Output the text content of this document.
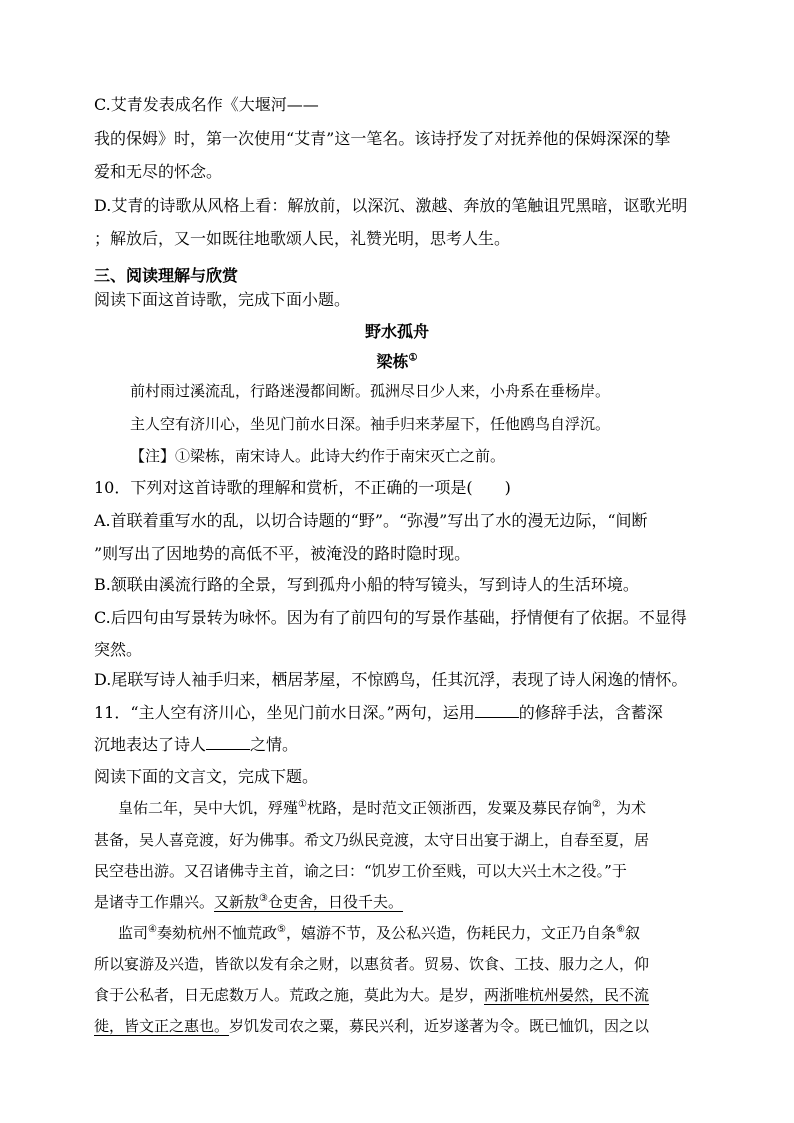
C.艾青发表成名作《大堰河——
我的保姆》时，第一次使用“艾青”这一笔名。该诗抒发了对抚养他的保姆深深的挚
爱和无尽的怀念。
D.艾青的诗歌从风格上看：解放前，以深沉、激越、奔放的笔触诅咒黑暗，讴歌光明
；解放后，又一如既往地歌颂人民，礼赞光明，思考人生。
三、阅读理解与欣赏
阅读下面这首诗歌，完成下面小题。
野水孤舟
梁栋①
前村雨过溪流乱，行路迷漫都间断。孤洲尽日少人来，小舟系在垂杨岸。
主人空有济川心，坐见门前水日深。袖手归来茅屋下，任他鸥鸟自浮沉。
【注】①梁栋，南宋诗人。此诗大约作于南宋灭亡之前。
10．下列对这首诗歌的理解和赏析，不正确的一项是(　　)
A.首联着重写水的乱，以切合诗题的“野”。“弥漫”写出了水的漫无边际，“间断
”则写出了因地势的高低不平，被淹没的路时隐时现。
B.颔联由溪流行路的全景，写到孤舟小船的特写镜头，写到诗人的生活环境。
C.后四句由写景转为咏怀。因为有了前四句的写景作基础，抒情便有了依据。不显得
突然。
D.尾联写诗人袖手归来，栖居茅屋，不惊鸥鸟，任其沉浮，表现了诗人闲逸的情怀。
11．“主人空有济川心，坐见门前水日深。”两句，运用	的修辞手法，含蓄深
沉地表达了诗人	之情。
阅读下面的文言文，完成下题。
皇佑二年，吴中大饥，殍殣①枕路，是时范文正领浙西，发粟及募民存饷②，为术
甚备，吴人喜竞渡，好为佛事。希文乃纵民竞渡，太守日出宴于湖上，自春至夏，居
民空巷出游。又召诸佛寺主首，谕之曰：“饥岁工价至贱，可以大兴土木之役。”于
是诸寺工作鼎兴。又新敖③仓吏舍，日役千夫。
监司④奏劾杭州不恤荒政⑤，嬉游不节，及公私兴造，伤耗民力，文正乃自条⑥叙
所以宴游及兴造，皆欲以发有余之财，以惠贫者。贸易、饮食、工技、服力之人，仰
食于公私者，日无虑数万人。荒政之施，莫此为大。是岁，两浙唯杭州晏然，民不流
徙，皆文正之惠也。岁饥发司农之粟，募民兴利，近岁遂著为令。既已恤饥，因之以
